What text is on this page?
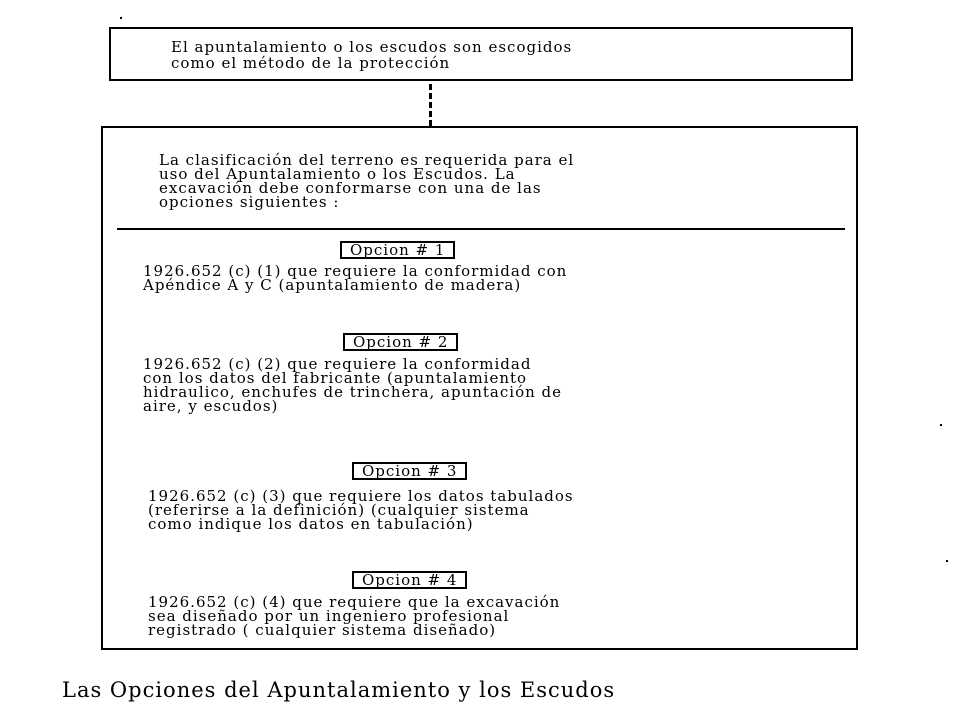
El apuntalamiento o los escudos son escogidos
como el método de la protección
La clasificación del terreno es requerida para el
uso del Apuntalamiento o los Escudos. La
excavación debe conformarse con una de las
opciones siguientes :
Opcion # 1
1926.652 (c) (1) que requiere la conformidad con
Apéndice A y C (apuntalamiento de madera)
Opcion # 2
1926.652 (c) (2) que requiere la conformidad
con los datos del fabricante (apuntalamiento
hidraulico, enchufes de trinchera, apuntación de
aire, y escudos)
Opcion # 3
1926.652 (c) (3) que requiere los datos tabulados
(referirse a la definición) (cualquier sistema
como indique los datos en tabulación)
Opcion # 4
1926.652 (c) (4) que requiere que la excavación
sea diseñado por un ingeniero profesional
registrado ( cualquier sistema diseñado)
Las Opciones del Apuntalamiento y los Escudos
